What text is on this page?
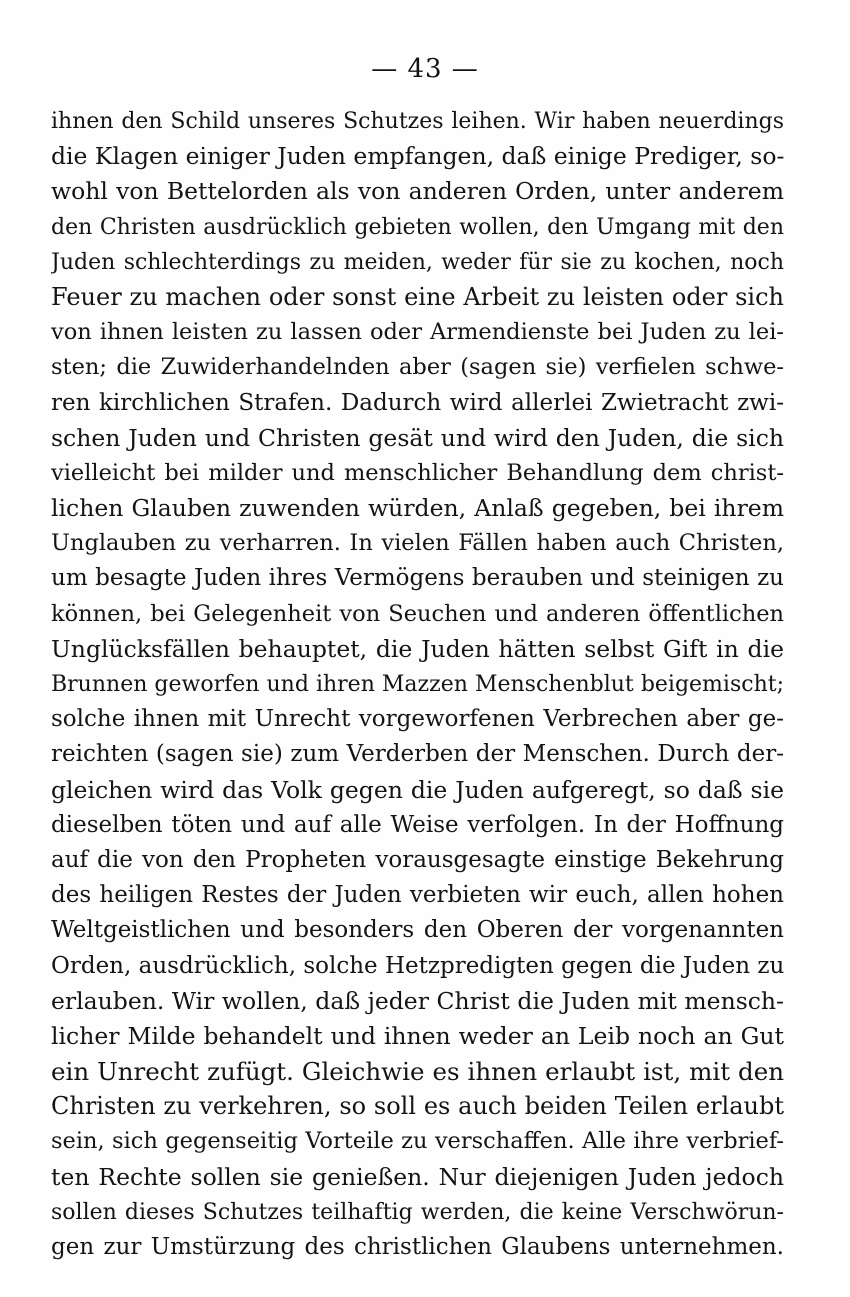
— 43 —
ihnen den Schild unseres Schutzes leihen. Wir haben neuerdings
die Klagen einiger Juden empfangen, daß einige Prediger, so-
wohl von Bettelorden als von anderen Orden, unter anderem
den Christen ausdrücklich gebieten wollen, den Umgang mit den
Juden schlechterdings zu meiden, weder für sie zu kochen, noch
Feuer zu machen oder sonst eine Arbeit zu leisten oder sich
von ihnen leisten zu lassen oder Armendienste bei Juden zu lei-
sten; die Zuwiderhandelnden aber (sagen sie) verfielen schwe-
ren kirchlichen Strafen. Dadurch wird allerlei Zwietracht zwi-
schen Juden und Christen gesät und wird den Juden, die sich
vielleicht bei milder und menschlicher Behandlung dem christ-
lichen Glauben zuwenden würden, Anlaß gegeben, bei ihrem
Unglauben zu verharren. In vielen Fällen haben auch Christen,
um besagte Juden ihres Vermögens berauben und steinigen zu
können, bei Gelegenheit von Seuchen und anderen öffentlichen
Unglücksfällen behauptet, die Juden hätten selbst Gift in die
Brunnen geworfen und ihren Mazzen Menschenblut beigemischt;
solche ihnen mit Unrecht vorgeworfenen Verbrechen aber ge-
reichten (sagen sie) zum Verderben der Menschen. Durch der-
gleichen wird das Volk gegen die Juden aufgeregt, so daß sie
dieselben töten und auf alle Weise verfolgen. In der Hoffnung
auf die von den Propheten vorausgesagte einstige Bekehrung
des heiligen Restes der Juden verbieten wir euch, allen hohen
Weltgeistlichen und besonders den Oberen der vorgenannten
Orden, ausdrücklich, solche Hetzpredigten gegen die Juden zu
erlauben. Wir wollen, daß jeder Christ die Juden mit mensch-
licher Milde behandelt und ihnen weder an Leib noch an Gut
ein Unrecht zufügt. Gleichwie es ihnen erlaubt ist, mit den
Christen zu verkehren, so soll es auch beiden Teilen erlaubt
sein, sich gegenseitig Vorteile zu verschaffen. Alle ihre verbrief-
ten Rechte sollen sie genießen. Nur diejenigen Juden jedoch
sollen dieses Schutzes teilhaftig werden, die keine Verschwörun-
gen zur Umstürzung des christlichen Glaubens unternehmen.
